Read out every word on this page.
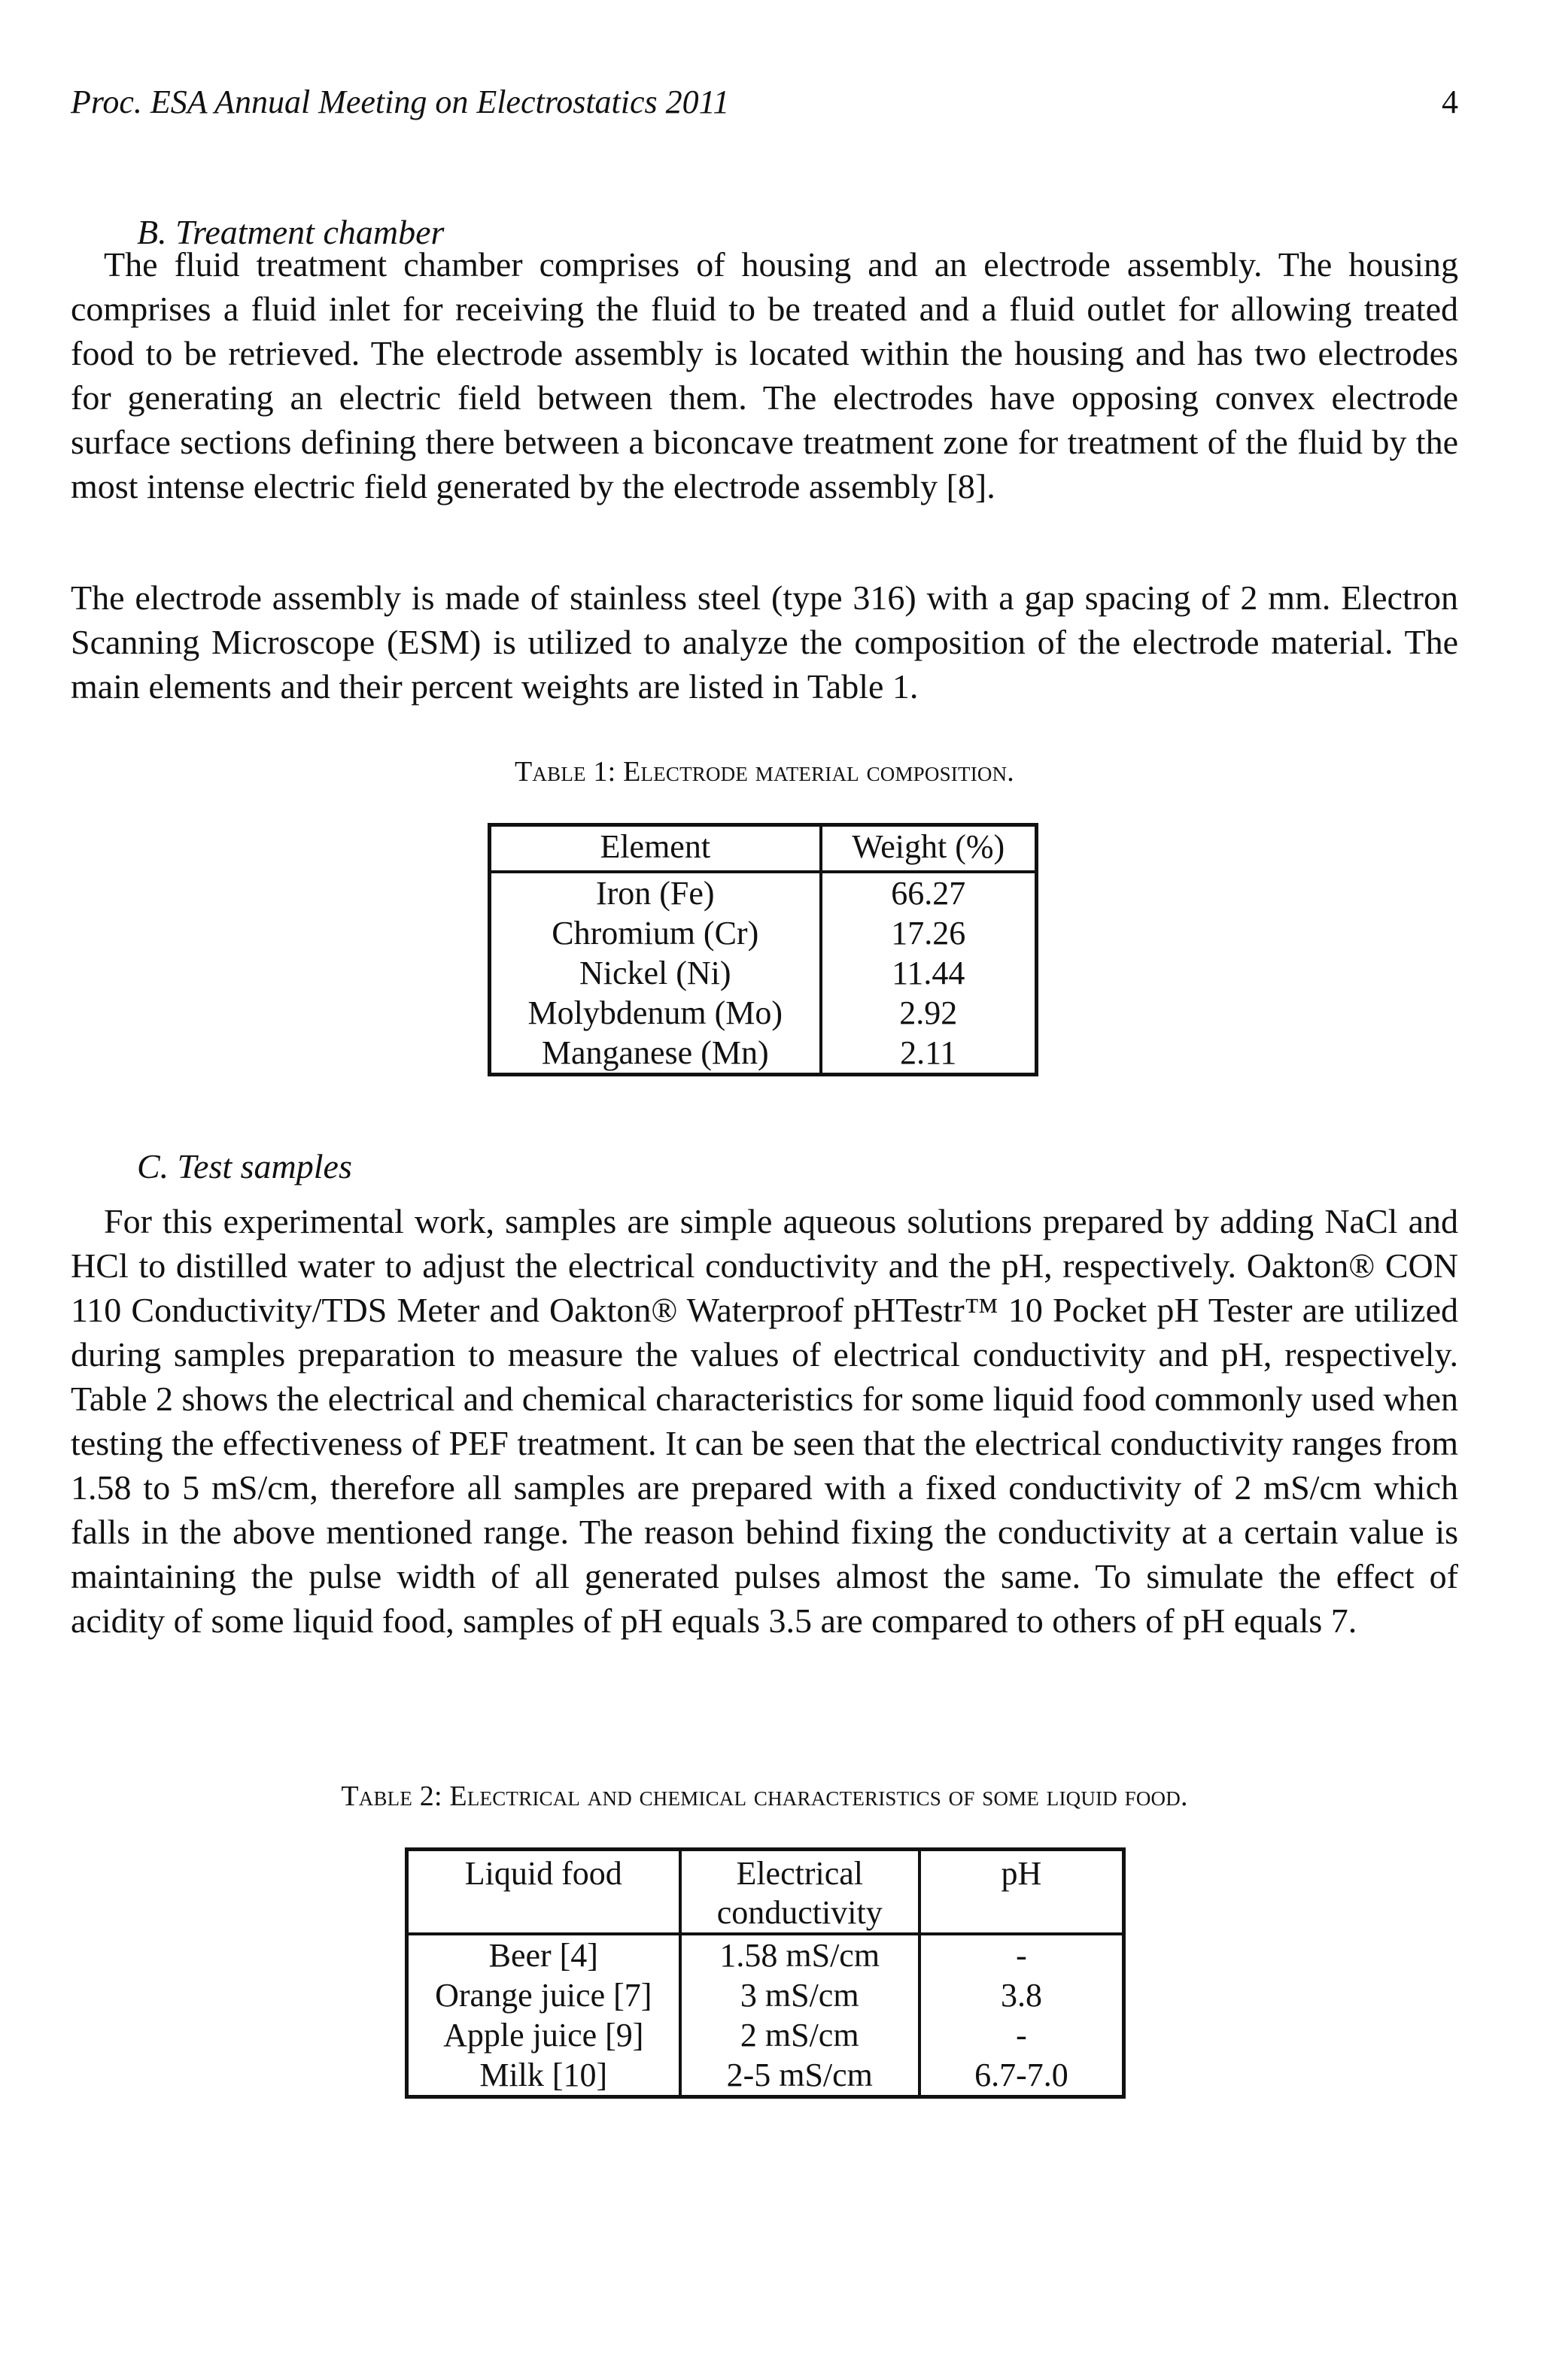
Proc. ESA Annual Meeting on Electrostatics 2011	4
B. Treatment chamber

The fluid treatment chamber comprises of housing and an electrode assembly. The housing comprises a fluid inlet for receiving the fluid to be treated and a fluid outlet for allowing treated food to be retrieved. The electrode assembly is located within the housing and has two electrodes for generating an electric field between them. The electrodes have opposing convex electrode surface sections defining there between a biconcave treatment zone for treatment of the fluid by the most intense electric field generated by the electrode assembly [8].

The electrode assembly is made of stainless steel (type 316) with a gap spacing of 2 mm. Electron Scanning Microscope (ESM) is utilized to analyze the composition of the electrode material. The main elements and their percent weights are listed in Table 1.

Table 1: Electrode material composition.
Element	Weight (%)
Iron (Fe)	66.27
Chromium (Cr)	17.26
Nickel (Ni)	11.44
Molybdenum (Mo)	2.92
Manganese (Mn)	2.11
C. Test samples

For this experimental work, samples are simple aqueous solutions prepared by adding NaCl and HCl to distilled water to adjust the electrical conductivity and the pH, respectively. Oakton® CON 110 Conductivity/TDS Meter and Oakton® Waterproof pHTestr™ 10 Pocket pH Tester are utilized during samples preparation to measure the values of electrical conductivity and pH, respectively. Table 2 shows the electrical and chemical characteristics for some liquid food commonly used when testing the effectiveness of PEF treatment. It can be seen that the electrical conductivity ranges from 1.58 to 5 mS/cm, therefore all samples are prepared with a fixed conductivity of 2 mS/cm which falls in the above mentioned range. The reason behind fixing the conductivity at a certain value is maintaining the pulse width of all generated pulses almost the same. To simulate the effect of acidity of some liquid food, samples of pH equals 3.5 are compared to others of pH equals 7.

Table 2: Electrical and chemical characteristics of some liquid food.
Liquid food	Electrical conductivity	pH
Beer [4]	1.58 mS/cm	-
Orange juice [7]	3 mS/cm	3.8
Apple juice [9]	2 mS/cm	-
Milk [10]	2-5 mS/cm	6.7-7.0
